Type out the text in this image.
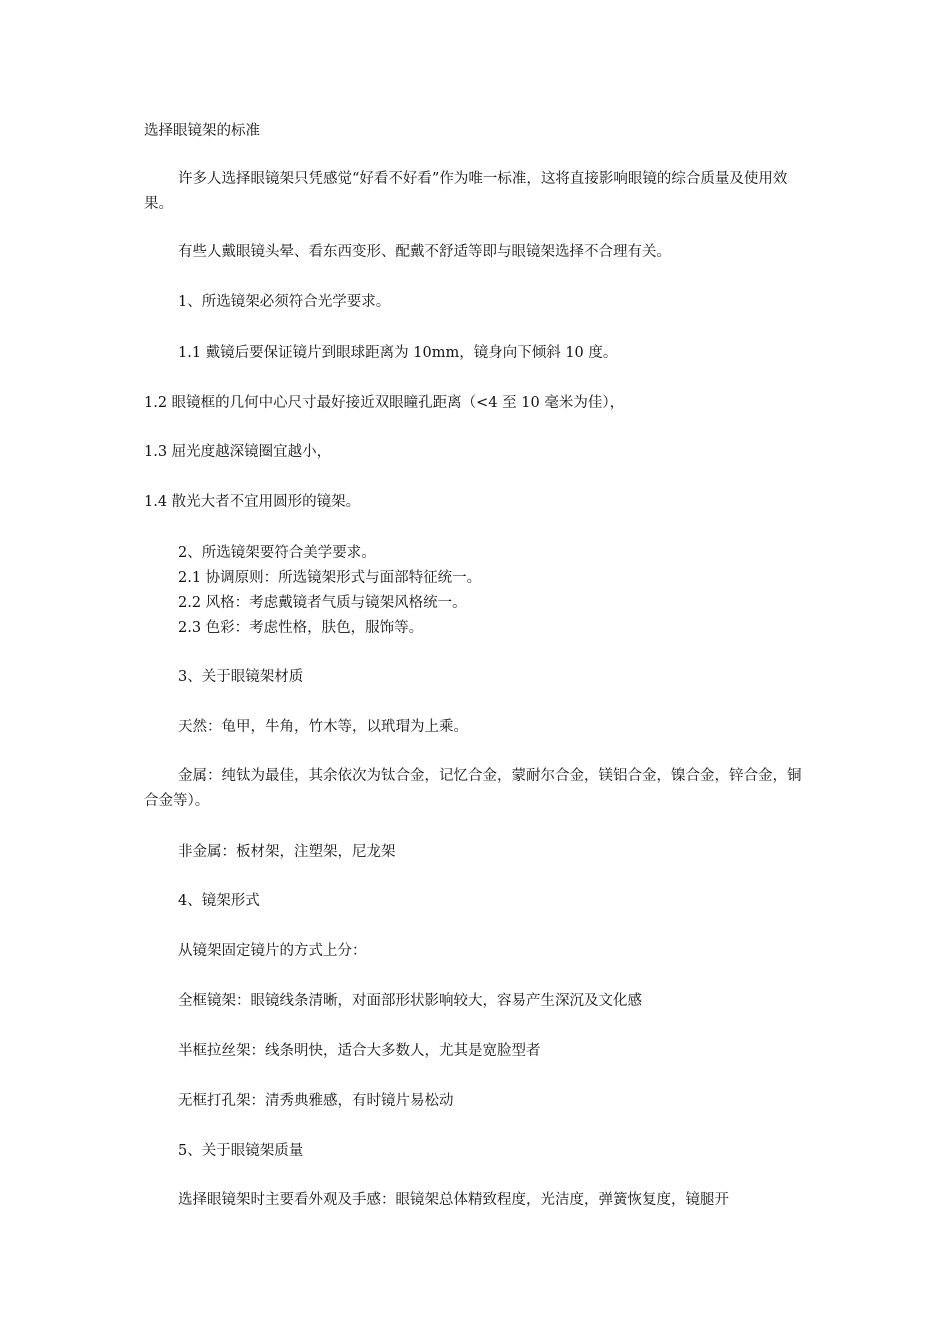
选择眼镜架的标准

许多人选择眼镜架只凭感觉“好看不好看”作为唯一标准，这将直接影响眼镜的综合质量及使用效果。

有些人戴眼镜头晕、看东西变形、配戴不舒适等即与眼镜架选择不合理有关。

1、所选镜架必须符合光学要求。

1.1 戴镜后要保证镜片到眼球距离为 10mm，镜身向下倾斜 10 度。

1.2 眼镜框的几何中心尺寸最好接近双眼瞳孔距离（<4 至 10 毫米为佳），

1.3 屈光度越深镜圈宜越小，

1.4 散光大者不宜用圆形的镜架。

2、所选镜架要符合美学要求。

2.1 协调原则：所选镜架形式与面部特征统一。

2.2 风格：考虑戴镜者气质与镜架风格统一。

2.3 色彩：考虑性格，肤色，服饰等。

3、关于眼镜架材质

天然：龟甲，牛角，竹木等，以玳瑁为上乘。

金属：纯钛为最佳，其余依次为钛合金，记忆合金，蒙耐尔合金，镁铝合金，镍合金，锌合金，铜合金等）。

非金属：板材架，注塑架，尼龙架

4、镜架形式

从镜架固定镜片的方式上分：

全框镜架：眼镜线条清晰，对面部形状影响较大，容易产生深沉及文化感

半框拉丝架：线条明快，适合大多数人，尤其是宽脸型者

无框打孔架：清秀典雅感，有时镜片易松动

5、关于眼镜架质量

选择眼镜架时主要看外观及手感：眼镜架总体精致程度，光洁度，弹簧恢复度，镜腿开
